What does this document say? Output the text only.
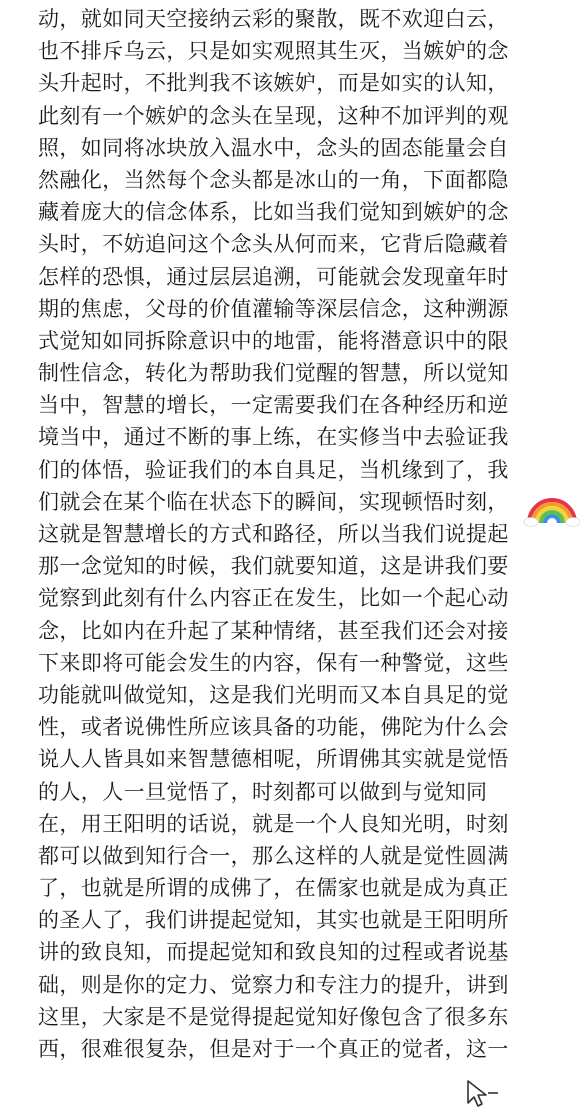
动，就如同天空接纳云彩的聚散，既不欢迎白云，
也不排斥乌云，只是如实观照其生灭，当嫉妒的念
头升起时，不批判我不该嫉妒，而是如实的认知，
此刻有一个嫉妒的念头在呈现，这种不加评判的观
照，如同将冰块放入温水中，念头的固态能量会自
然融化，当然每个念头都是冰山的一角，下面都隐
藏着庞大的信念体系，比如当我们觉知到嫉妒的念
头时，不妨追问这个念头从何而来，它背后隐藏着
怎样的恐惧，通过层层追溯，可能就会发现童年时
期的焦虑，父母的价值灌输等深层信念，这种溯源
式觉知如同拆除意识中的地雷，能将潜意识中的限
制性信念，转化为帮助我们觉醒的智慧，所以觉知
当中，智慧的增长，一定需要我们在各种经历和逆
境当中，通过不断的事上练，在实修当中去验证我
们的体悟，验证我们的本自具足，当机缘到了，我
们就会在某个临在状态下的瞬间，实现顿悟时刻，
这就是智慧增长的方式和路径，所以当我们说提起
那一念觉知的时候，我们就要知道，这是讲我们要
觉察到此刻有什么内容正在发生，比如一个起心动
念，比如内在升起了某种情绪，甚至我们还会对接
下来即将可能会发生的内容，保有一种警觉，这些
功能就叫做觉知，这是我们光明而又本自具足的觉
性，或者说佛性所应该具备的功能，佛陀为什么会
说人人皆具如来智慧德相呢，所谓佛其实就是觉悟
的人，人一旦觉悟了，时刻都可以做到与觉知同
在，用王阳明的话说，就是一个人良知光明，时刻
都可以做到知行合一，那么这样的人就是觉性圆满
了，也就是所谓的成佛了，在儒家也就是成为真正
的圣人了，我们讲提起觉知，其实也就是王阳明所
讲的致良知，而提起觉知和致良知的过程或者说基
础，则是你的定力、觉察力和专注力的提升，讲到
这里，大家是不是觉得提起觉知好像包含了很多东
西，很难很复杂，但是对于一个真正的觉者，这一
